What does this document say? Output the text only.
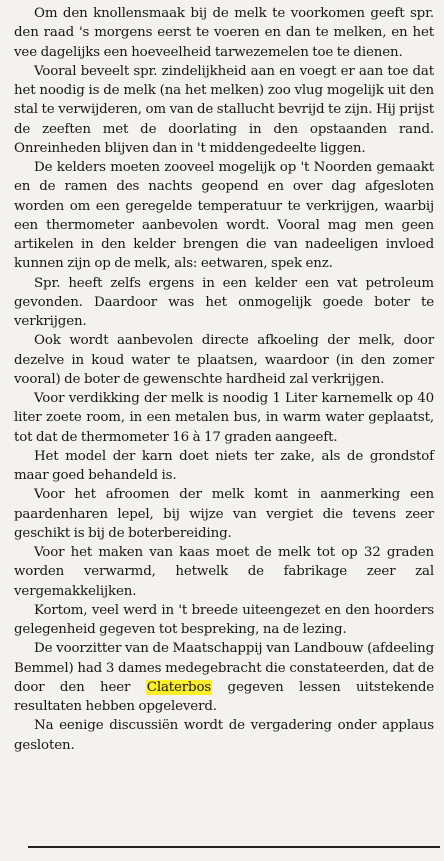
Om den knollensmaak bij de melk te voorkomen geeft spr. den raad 's morgens eerst te voeren en dan te melken, en het vee dagelijks een hoeveelheid tarwezemelen toe te dienen.

Vooral beveelt spr. zindelijkheid aan en voegt er aan toe dat het noodig is de melk (na het melken) zoo vlug mogelijk uit den stal te verwijderen, om van de stallucht bevrijd te zijn. Hij prijst de zeeften met de doorlating in den opstaanden rand. Onreinheden blijven dan in 't middengedeelte liggen.

De kelders moeten zooveel mogelijk op 't Noorden gemaakt en de ramen des nachts geopend en over dag afgesloten worden om een geregelde temperatuur te verkrijgen, waarbij een thermometer aanbevolen wordt. Vooral mag men geen artikelen in den kelder brengen die van nadeeligen invloed kunnen zijn op de melk, als: eetwaren, spek enz.

Spr. heeft zelfs ergens in een kelder een vat petroleum gevonden. Daardoor was het onmogelijk goede boter te verkrijgen.

Ook wordt aanbevolen directe afkoeling der melk, door dezelve in koud water te plaatsen, waardoor (in den zomer vooral) de boter de gewenschte hardheid zal verkrijgen.

Voor verdikking der melk is noodig 1 Liter karnemelk op 40 liter zoete room, in een metalen bus, in warm water geplaatst, tot dat de thermometer 16 à 17 graden aangeeft.

Het model der karn doet niets ter zake, als de grondstof maar goed behandeld is.

Voor het afroomen der melk komt in aanmerking een paardenharen lepel, bij wijze van vergiet die tevens zeer geschikt is bij de boterbereiding.

Voor het maken van kaas moet de melk tot op 32 graden worden verwarmd, hetwelk de fabrikage zeer zal vergemakkelijken.

Kortom, veel werd in 't breede uiteengezet en den hoorders gelegenheid gegeven tot bespreking, na de lezing.

De voorzitter van de Maatschappij van Landbouw (afdeeling Bemmel) had 3 dames medegebracht die constateerden, dat de door den heer Claterbos gegeven lessen uitstekende resultaten hebben opgeleverd.

Na eenige discussiën wordt de vergadering onder applaus gesloten.
